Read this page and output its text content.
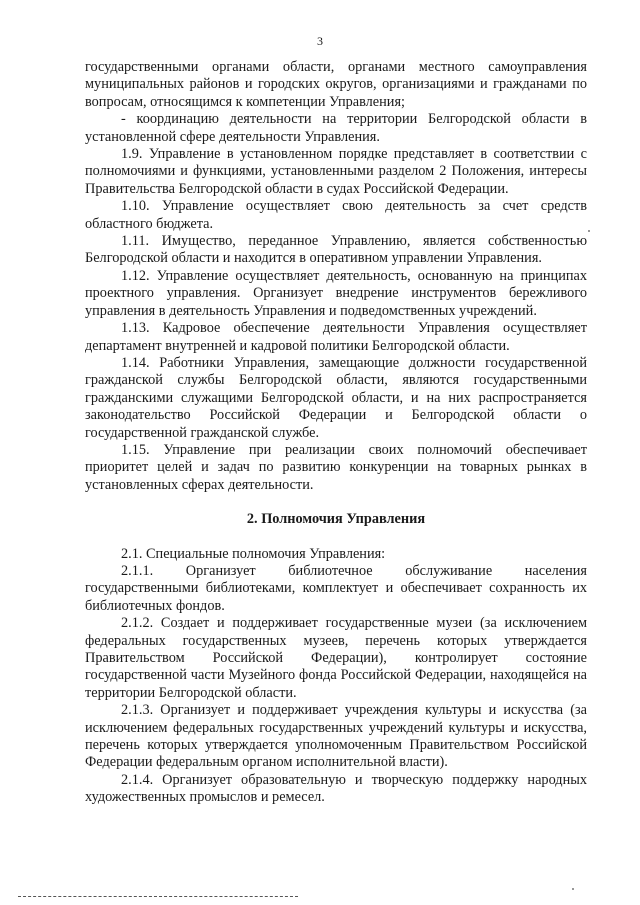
3

государственными органами области, органами местного самоуправления муниципальных районов и городских округов, организациями и гражданами по вопросам, относящимся к компетенции Управления;

- координацию деятельности на территории Белгородской области в установленной сфере деятельности Управления.

1.9. Управление в установленном порядке представляет в соответствии с полномочиями и функциями, установленными разделом 2 Положения, интересы Правительства Белгородской области в судах Российской Федерации.

1.10. Управление осуществляет свою деятельность за счет средств областного бюджета.

1.11. Имущество, переданное Управлению, является собственностью Белгородской области и находится в оперативном управлении Управления.

1.12. Управление осуществляет деятельность, основанную на принципах проектного управления. Организует внедрение инструментов бережливого управления в деятельность Управления и подведомственных учреждений.

1.13. Кадровое обеспечение деятельности Управления осуществляет департамент внутренней и кадровой политики Белгородской области.

1.14. Работники Управления, замещающие должности государственной гражданской службы Белгородской области, являются государственными гражданскими служащими Белгородской области, и на них распространяется законодательство Российской Федерации и Белгородской области о государственной гражданской службе.

1.15. Управление при реализации своих полномочий обеспечивает приоритет целей и задач по развитию конкуренции на товарных рынках в установленных сферах деятельности.

2. Полномочия Управления

2.1. Специальные полномочия Управления:

2.1.1. Организует библиотечное обслуживание населения государственными библиотеками, комплектует и обеспечивает сохранность их библиотечных фондов.

2.1.2. Создает и поддерживает государственные музеи (за исключением федеральных государственных музеев, перечень которых утверждается Правительством Российской Федерации), контролирует состояние государственной части Музейного фонда Российской Федерации, находящейся на территории Белгородской области.

2.1.3. Организует и поддерживает учреждения культуры и искусства (за исключением федеральных государственных учреждений культуры и искусства, перечень которых утверждается уполномоченным Правительством Российской Федерации федеральным органом исполнительной власти).

2.1.4. Организует образовательную и творческую поддержку народных художественных промыслов и ремесел.
